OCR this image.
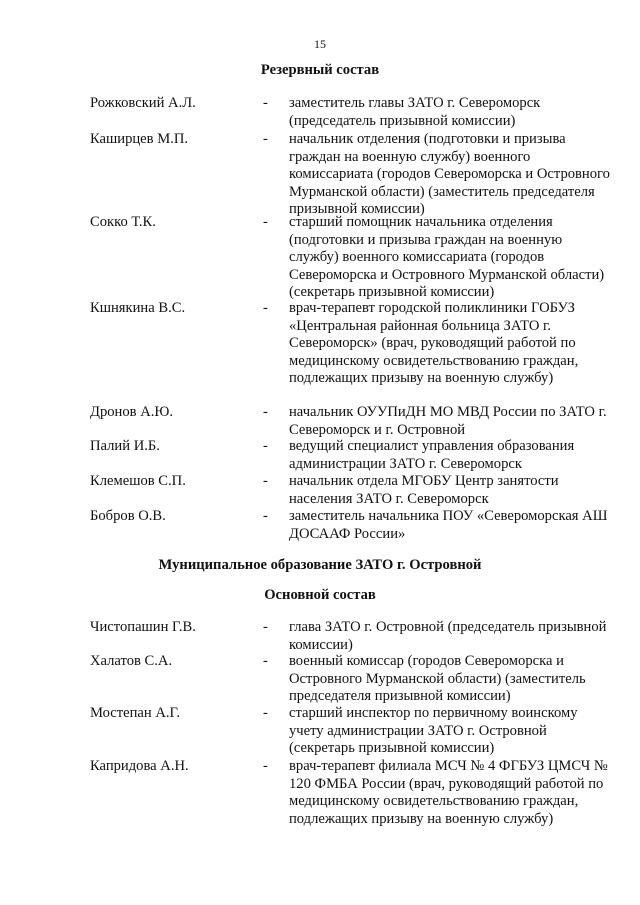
15
Резервный состав
Рожковский А.Л.	- заместитель главы ЗАТО г. Североморск (председатель призывной комиссии)
Каширцев М.П.	- начальник отделения (подготовки и призыва граждан на военную службу) военного комиссариата (городов Североморска и Островного Мурманской области) (заместитель председателя призывной комиссии)
Сокко Т.К.	- старший помощник начальника отделения (подготовки и призыва граждан на военную службу) военного комиссариата (городов Североморска и Островного Мурманской области) (секретарь призывной комиссии)
Кшнякина В.С.	- врач-терапевт городской поликлиники ГОБУЗ «Центральная районная больница ЗАТО г. Североморск» (врач, руководящий работой по медицинскому освидетельствованию граждан, подлежащих призыву на военную службу)
Дронов А.Ю.	- начальник ОУУПиДН МО МВД России по ЗАТО г. Североморск и г. Островной
Палий И.Б.	- ведущий специалист управления образования администрации ЗАТО г. Североморск
Клемешов С.П.	- начальник отдела МГОБУ Центр занятости населения ЗАТО г. Североморск
Бобров О.В.	- заместитель начальника ПОУ «Североморская АШ ДОСААФ России»
Муниципальное образование ЗАТО г. Островной
Основной состав
Чистопашин Г.В.	- глава ЗАТО г. Островной (председатель призывной комиссии)
Халатов С.А.	- военный комиссар (городов Североморска и Островного Мурманской области) (заместитель председателя призывной комиссии)
Мостепан А.Г.	- старший инспектор по первичному воинскому учету администрации ЗАТО г. Островной (секретарь призывной комиссии)
Капридова А.Н.	- врач-терапевт филиала МСЧ № 4 ФГБУЗ ЦМСЧ № 120 ФМБА России (врач, руководящий работой по медицинскому освидетельствованию граждан, подлежащих призыву на военную службу)
